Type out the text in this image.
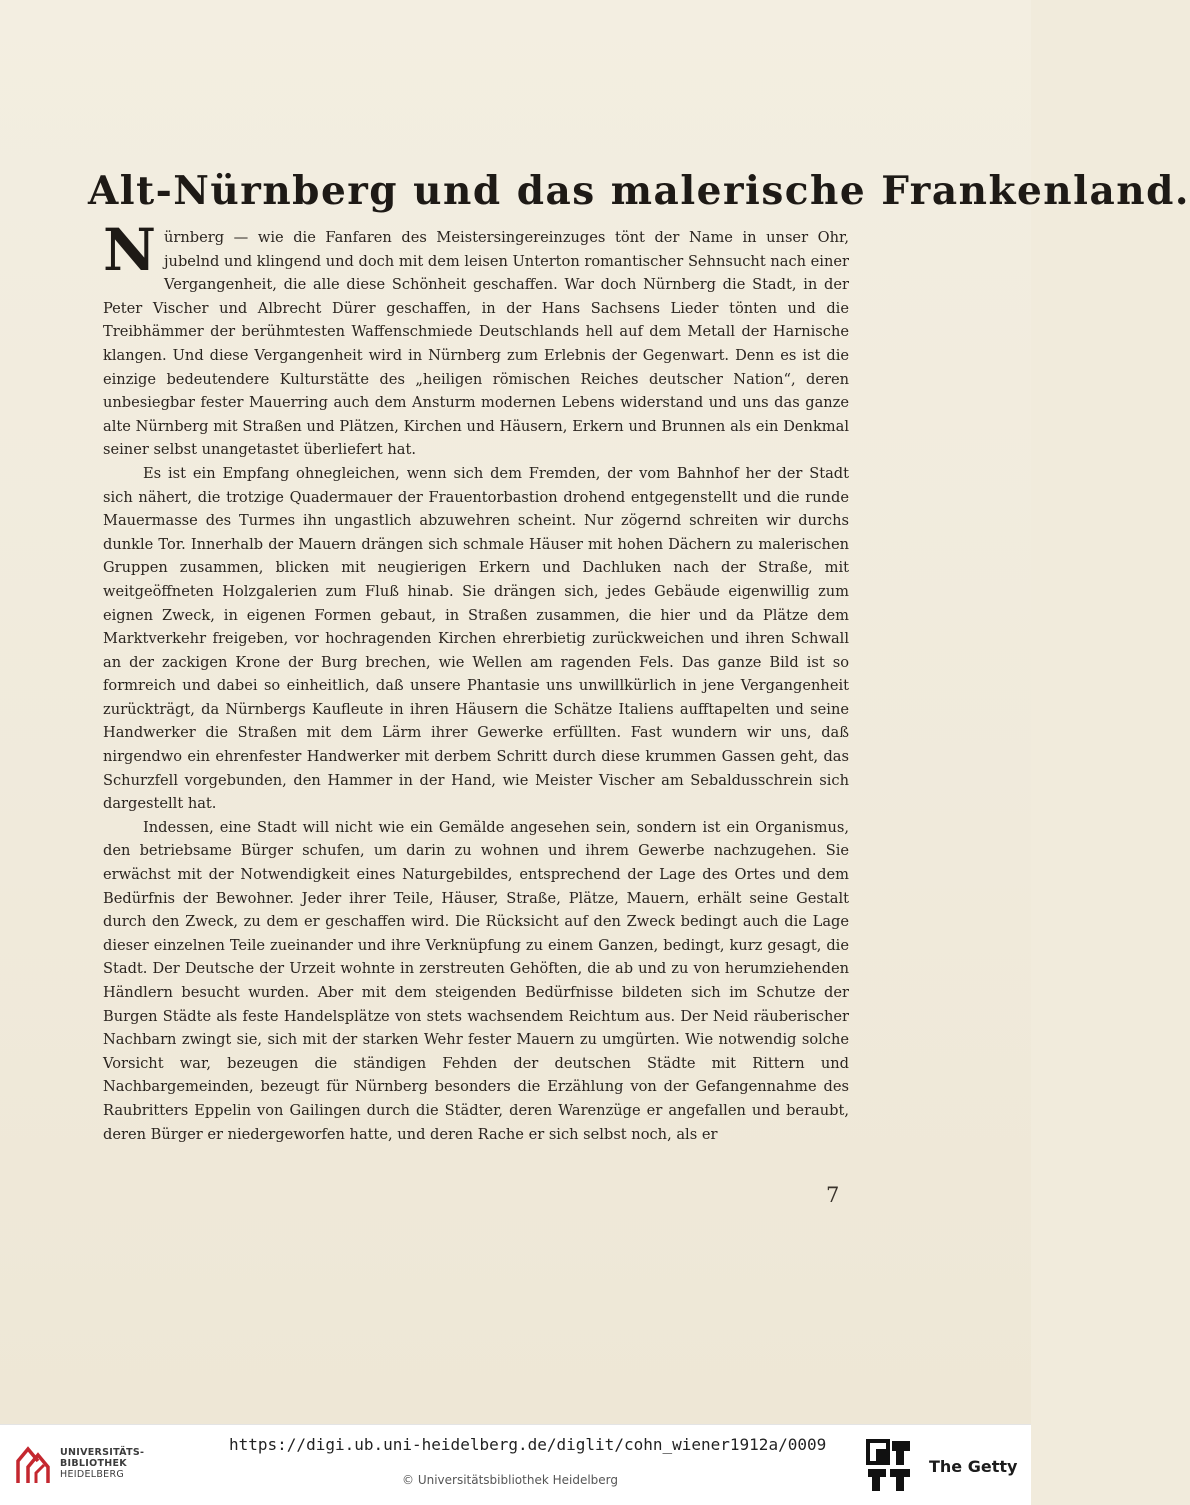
Alt-Nürnberg und das malerische Frankenland.

Nürnberg — wie die Fanfaren des Meistersingereinzuges tönt der Name in unser Ohr, jubelnd und klingend und doch mit dem leisen Unterton romantischer Sehnsucht nach einer Vergangenheit, die alle diese Schönheit geschaffen. War doch Nürnberg die Stadt, in der Peter Vischer und Albrecht Dürer geschaffen, in der Hans Sachsens Lieder tönten und die Treibhämmer der berühmtesten Waffenschmiede Deutschlands hell auf dem Metall der Harnische klangen. Und diese Vergangenheit wird in Nürnberg zum Erlebnis der Gegenwart. Denn es ist die einzige bedeutendere Kulturstätte des „heiligen römischen Reiches deutscher Nation“, deren unbesiegbar fester Mauerring auch dem Ansturm modernen Lebens widerstand und uns das ganze alte Nürnberg mit Straßen und Plätzen, Kirchen und Häusern, Erkern und Brunnen als ein Denkmal seiner selbst unangetastet überliefert hat.

Es ist ein Empfang ohnegleichen, wenn sich dem Fremden, der vom Bahnhof her der Stadt sich nähert, die trotzige Quadermauer der Frauentorbastion drohend entgegenstellt und die runde Mauermasse des Turmes ihn ungastlich abzuwehren scheint. Nur zögernd schreiten wir durchs dunkle Tor. Innerhalb der Mauern drängen sich schmale Häuser mit hohen Dächern zu malerischen Gruppen zusammen, blicken mit neugierigen Erkern und Dachluken nach der Straße, mit weitgeöffneten Holzgalerien zum Fluß hinab. Sie drängen sich, jedes Gebäude eigenwillig zum eignen Zweck, in eigenen Formen gebaut, in Straßen zusammen, die hier und da Plätze dem Marktverkehr freigeben, vor hochragenden Kirchen ehrerbietig zurückweichen und ihren Schwall an der zackigen Krone der Burg brechen, wie Wellen am ragenden Fels. Das ganze Bild ist so formreich und dabei so einheitlich, daß unsere Phantasie uns unwillkürlich in jene Vergangenheit zurückträgt, da Nürnbergs Kaufleute in ihren Häusern die Schätze Italiens aufftapelten und seine Handwerker die Straßen mit dem Lärm ihrer Gewerke erfüllten. Fast wundern wir uns, daß nirgendwo ein ehrenfester Handwerker mit derbem Schritt durch diese krummen Gassen geht, das Schurzfell vorgebunden, den Hammer in der Hand, wie Meister Vischer am Sebaldusschrein sich dargestellt hat.

Indessen, eine Stadt will nicht wie ein Gemälde angesehen sein, sondern ist ein Organismus, den betriebsame Bürger schufen, um darin zu wohnen und ihrem Gewerbe nachzugehen. Sie erwächst mit der Notwendigkeit eines Naturgebildes, entsprechend der Lage des Ortes und dem Bedürfnis der Bewohner. Jeder ihrer Teile, Häuser, Straße, Plätze, Mauern, erhält seine Gestalt durch den Zweck, zu dem er geschaffen wird. Die Rücksicht auf den Zweck bedingt auch die Lage dieser einzelnen Teile zueinander und ihre Verknüpfung zu einem Ganzen, bedingt, kurz gesagt, die Stadt. Der Deutsche der Urzeit wohnte in zerstreuten Gehöften, die ab und zu von herumziehenden Händlern besucht wurden. Aber mit dem steigenden Bedürfnisse bildeten sich im Schutze der Burgen Städte als feste Handelsplätze von stets wachsendem Reichtum aus. Der Neid räuberischer Nachbarn zwingt sie, sich mit der starken Wehr fester Mauern zu umgürten. Wie notwendig solche Vorsicht war, bezeugen die ständigen Fehden der deutschen Städte mit Rittern und Nachbargemeinden, bezeugt für Nürnberg besonders die Erzählung von der Gefangennahme des Raubritters Eppelin von Gailingen durch die Städter, deren Warenzüge er angefallen und beraubt, deren Bürger er niedergeworfen hatte, und deren Rache er sich selbst noch, als er

7
UNIVERSITÄTS-
BIBLIOTHEK
HEIDELBERG
https://digi.ub.uni-heidelberg.de/diglit/cohn_wiener1912a/0009
© Universitätsbibliothek Heidelberg
The Getty
